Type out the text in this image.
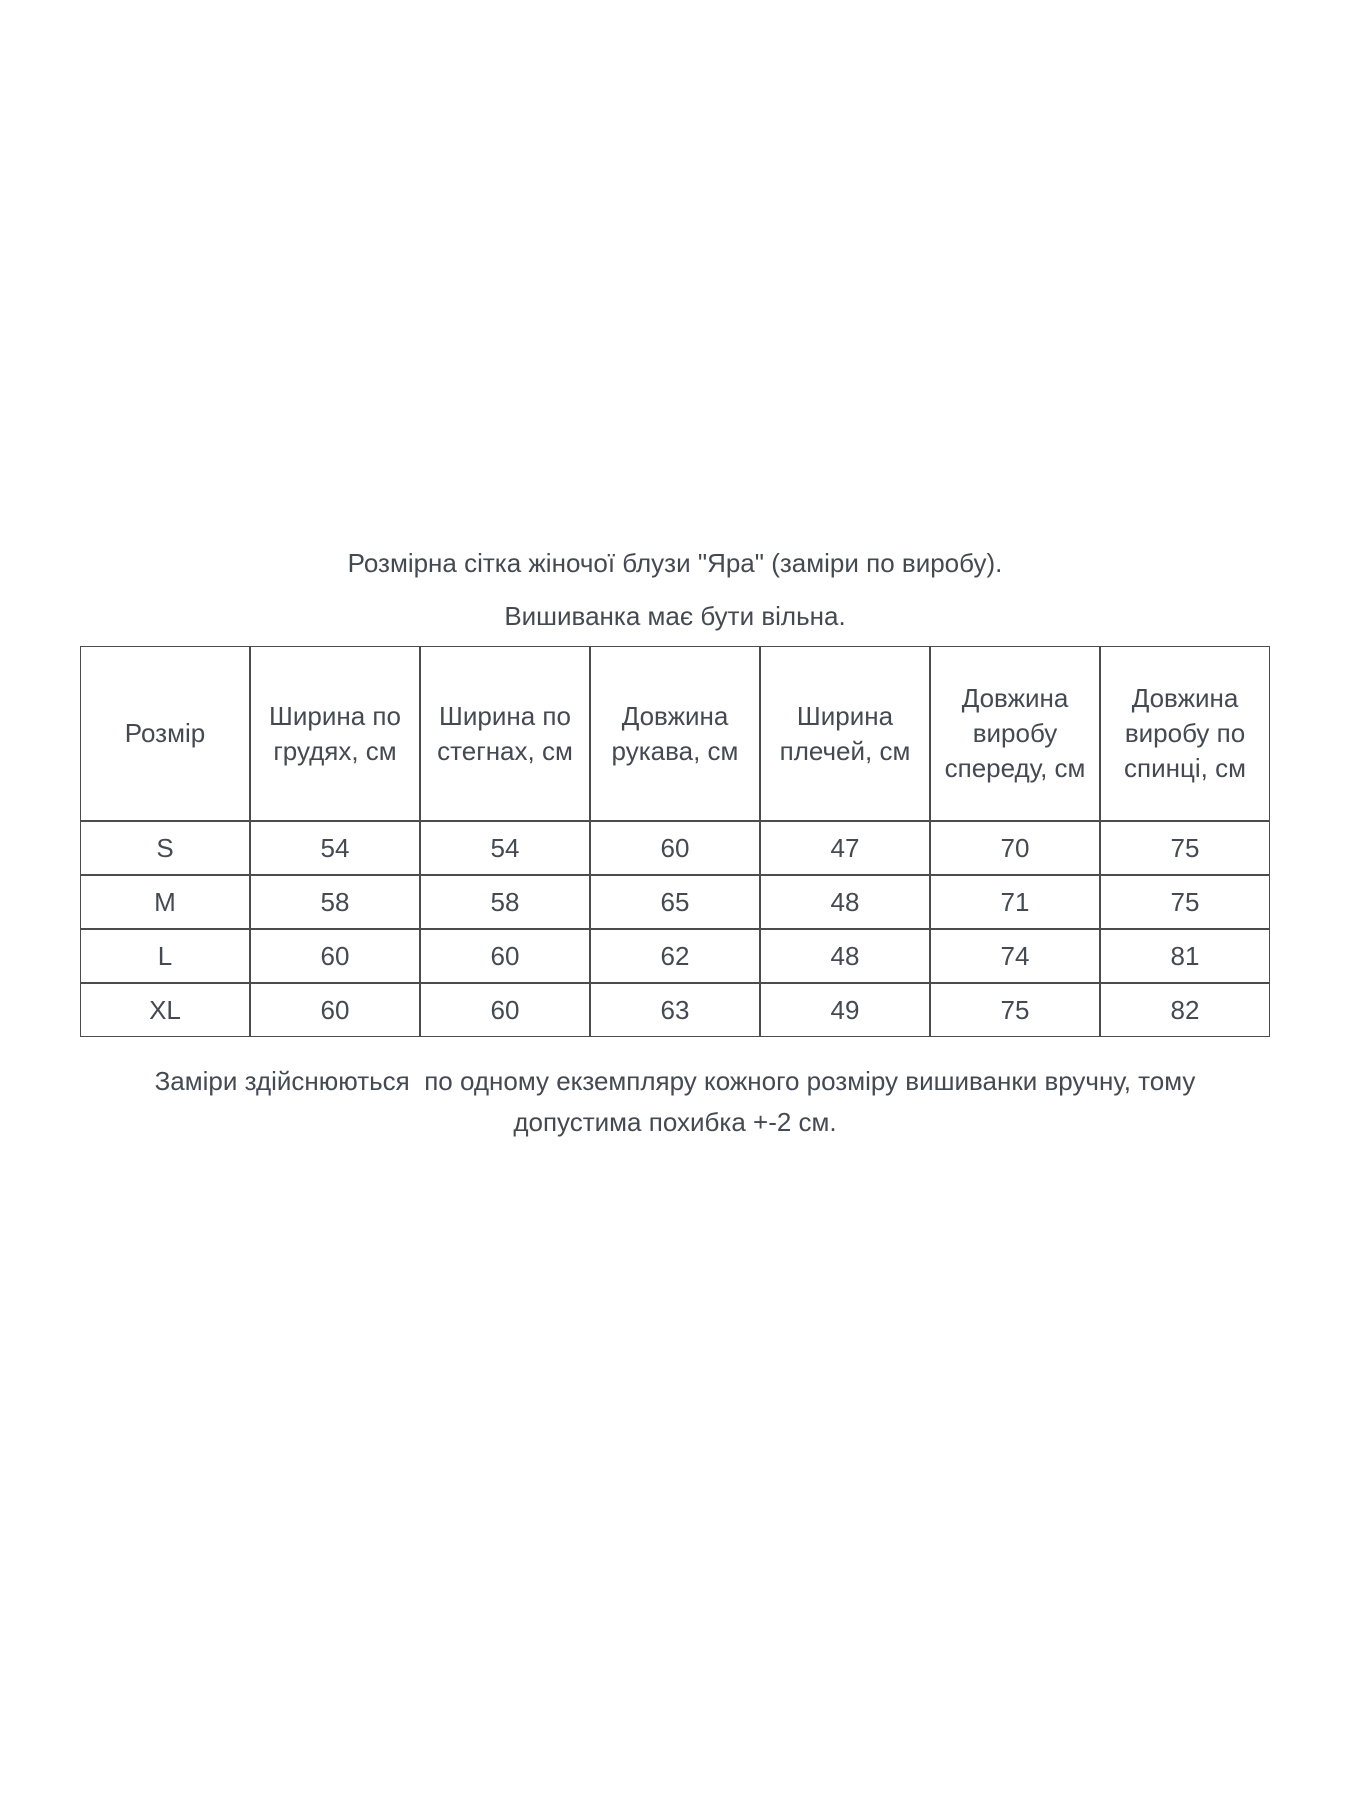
Розмірна сітка жіночої блузи "Яра" (заміри по виробу).

Вишиванка має бути вільна.

Розмір	Ширина по грудях, см	Ширина по стегнах, см	Довжина рукава, см	Ширина плечей, см	Довжина виробу спереду, см	Довжина виробу по спинці, см
S	54	54	60	47	70	75
M	58	58	65	48	71	75
L	60	60	62	48	74	81
XL	60	60	63	49	75	82

Заміри здійснюються  по одному екземпляру кожного розміру вишиванки вручну, тому
допустима похибка +-2 см.
